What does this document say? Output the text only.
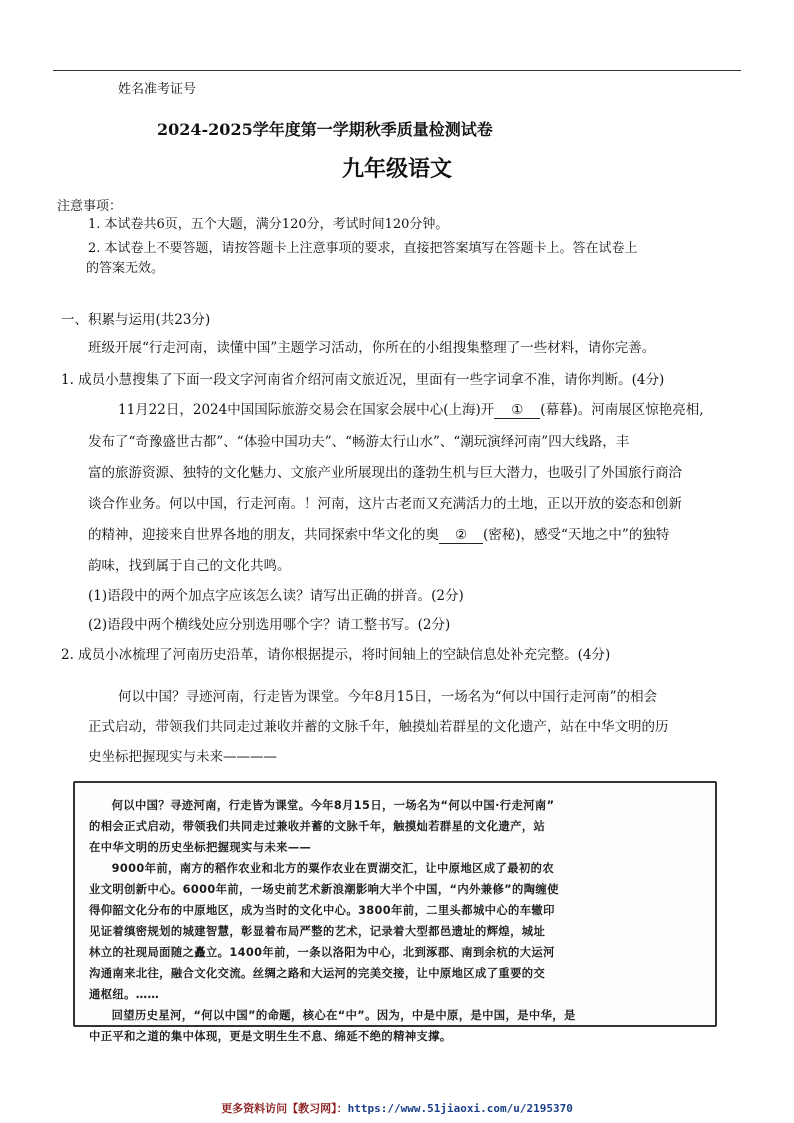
姓名准考证号
2024-2025学年度第一学期秋季质量检测试卷
九年级语文
注意事项：
1. 本试卷共6页，五个大题，满分120分，考试时间120分钟。
2. 本试卷上不要答题，请按答题卡上注意事项的要求，直接把答案填写在答题卡上。答在试卷上
的答案无效。
一、积累与运用(共23分)
班级开展“行走河南，读懂中国”主题学习活动，你所在的小组搜集整理了一些材料，请你完善。
1. 成员小慧搜集了下面一段文字河南省介绍河南文旅近况，里面有一些字词拿不准，请你判断。(4分)
11月22日，2024中国国际旅游交易会在国家会展中心(上海)开 ① (幕暮)。河南展区惊艳亮相,
发布了“奇豫盛世古都”、“体验中国功夫”、“畅游太行山水”、“潮玩演绎河南”四大线路，丰
富的旅游资源、独特的文化魅力、文旅产业所展现出的蓬勃生机与巨大潜力，也吸引了外国旅行商洽
谈合作业务。何以中国，行走河南。！河南，这片古老而又充满活力的土地，正以开放的姿态和创新
的精神，迎接来自世界各地的朋友，共同探索中华文化的奥 ② (密秘)，感受“天地之中”的独特
韵味，找到属于自己的文化共鸣。
(1)语段中的两个加点字应该怎么读？请写出正确的拼音。(2分)
(2)语段中两个横线处应分别选用哪个字？请工整书写。(2分)
2. 成员小冰梳理了河南历史沿革，请你根据提示，将时间轴上的空缺信息处补充完整。(4分)
何以中国？寻迹河南，行走皆为课堂。今年8月15日，一场名为“何以中国行走河南”的相会
正式启动，带领我们共同走过兼收并蓄的文脉千年，触摸灿若群星的文化遗产，站在中华文明的历
史坐标把握现实与未来————

何以中国？寻迹河南，行走皆为课堂。今年8月15日，一场名为“何以中国·行走河南”

的相会正式启动，带领我们共同走过兼收并蓄的文脉千年，触摸灿若群星的文化遗产，站

在中华文明的历史坐标把握现实与未来——

9000年前，南方的稻作农业和北方的粟作农业在贾湖交汇，让中原地区成了最初的农

业文明创新中心。6000年前，一场史前艺术新浪潮影响大半个中国，“内外兼修”的陶缠使

得仰韶文化分布的中原地区，成为当时的文化中心。3800年前，二里头都城中心的车辙印

见证着缜密规划的城建智慧，彰显着布局严整的艺术，记录着大型都邑遗址的辉煌，城址

林立的社现局面随之矗立。1400年前，一条以洛阳为中心，北到涿郡、南到余杭的大运河

沟通南来北往，融合文化交流。丝绸之路和大运河的完美交接，让中原地区成了重要的交

通枢纽。……

回望历史星河，“何以中国”的命题，核心在“中”。因为，中是中原，是中国，是中华，是

中正平和之道的集中体现，更是文明生生不息、绵延不绝的精神支撑。

更多资料访问【教习网】：https://www.51jiaoxi.com/u/2195370
